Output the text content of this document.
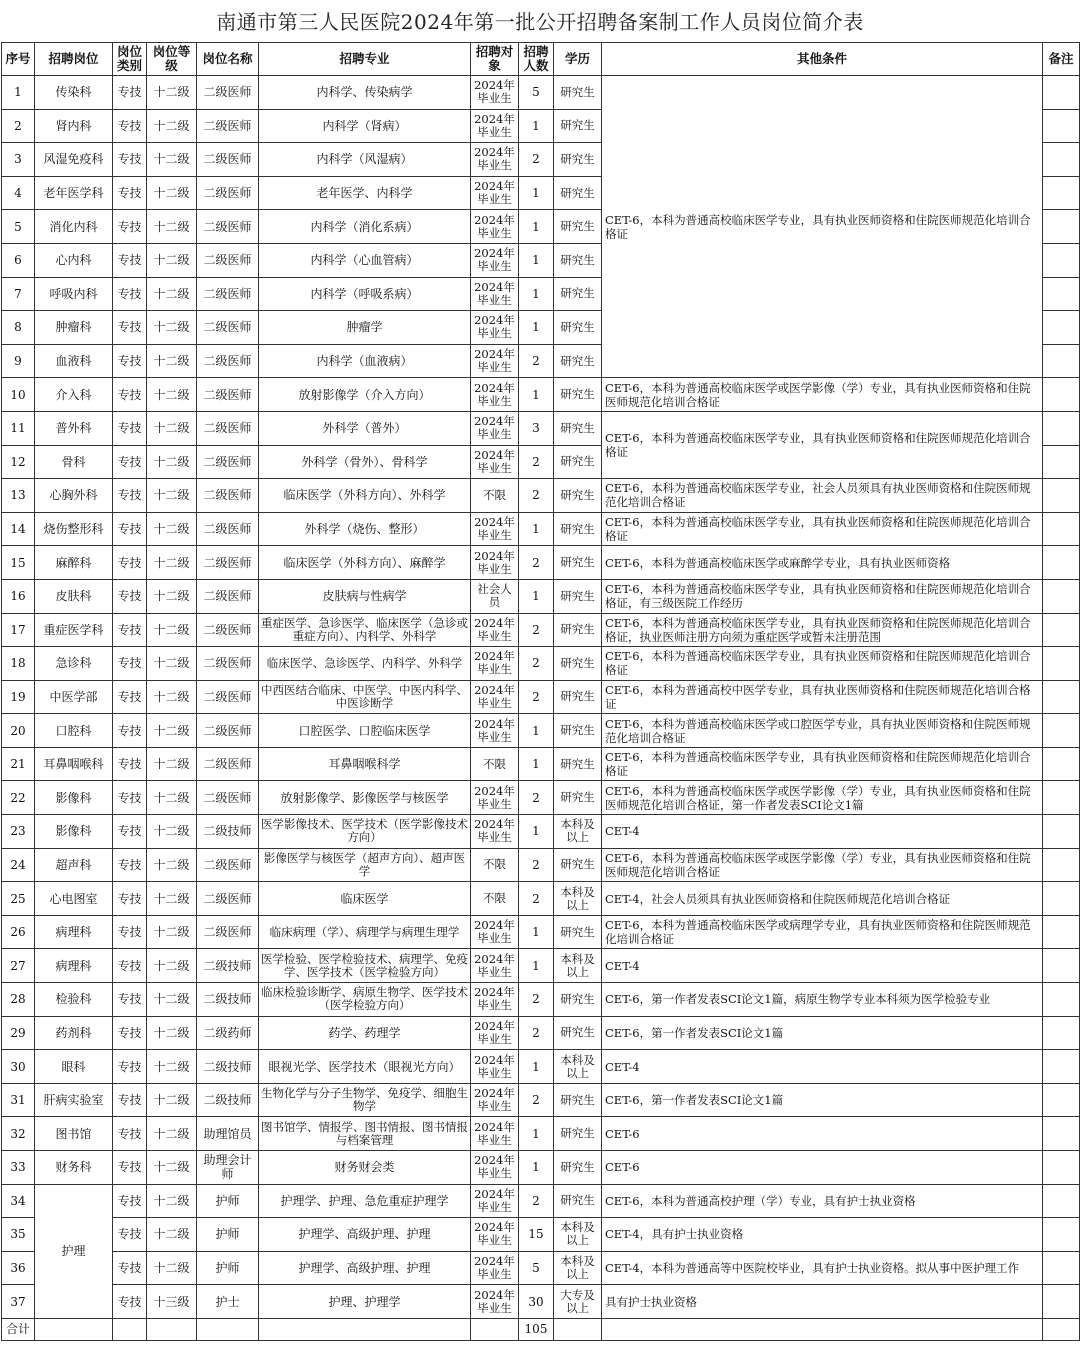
南通市第三人民医院2024年第一批公开招聘备案制工作人员岗位简介表
序号	招聘岗位	岗位类别	岗位等级	岗位名称	招聘专业	招聘对象	招聘人数	学历	其他条件	备注
1	传染科	专技	十二级	二级医师	内科学、传染病学	2024年毕业生	5	研究生	CET-6，本科为普通高校临床医学专业，具有执业医师资格和住院医师规范化培训合格证	
2	肾内科	专技	十二级	二级医师	内科学（肾病）	2024年毕业生	1	研究生		
3	风湿免疫科	专技	十二级	二级医师	内科学（风湿病）	2024年毕业生	2	研究生		
4	老年医学科	专技	十二级	二级医师	老年医学、内科学	2024年毕业生	1	研究生		
5	消化内科	专技	十二级	二级医师	内科学（消化系病）	2024年毕业生	1	研究生		
6	心内科	专技	十二级	二级医师	内科学（心血管病）	2024年毕业生	1	研究生		
7	呼吸内科	专技	十二级	二级医师	内科学（呼吸系病）	2024年毕业生	1	研究生		
8	肿瘤科	专技	十二级	二级医师	肿瘤学	2024年毕业生	1	研究生		
9	血液科	专技	十二级	二级医师	内科学（血液病）	2024年毕业生	2	研究生		
10	介入科	专技	十二级	二级医师	放射影像学（介入方向）	2024年毕业生	1	研究生	CET-6，本科为普通高校临床医学或医学影像（学）专业，具有执业医师资格和住院医师规范化培训合格证	
11	普外科	专技	十二级	二级医师	外科学（普外）	2024年毕业生	3	研究生	CET-6，本科为普通高校临床医学专业，具有执业医师资格和住院医师规范化培训合格证	
12	骨科	专技	十二级	二级医师	外科学（骨外）、骨科学	2024年毕业生	2	研究生		
13	心胸外科	专技	十二级	二级医师	临床医学（外科方向）、外科学	不限	2	研究生	CET-6，本科为普通高校临床医学专业，社会人员须具有执业医师资格和住院医师规范化培训合格证	
14	烧伤整形科	专技	十二级	二级医师	外科学（烧伤、整形）	2024年毕业生	1	研究生	CET-6，本科为普通高校临床医学专业，具有执业医师资格和住院医师规范化培训合格证	
15	麻醉科	专技	十二级	二级医师	临床医学（外科方向）、麻醉学	2024年毕业生	2	研究生	CET-6，本科为普通高校临床医学或麻醉学专业，具有执业医师资格	
16	皮肤科	专技	十二级	二级医师	皮肤病与性病学	社会人员	1	研究生	CET-6，本科为普通高校临床医学专业，具有执业医师资格和住院医师规范化培训合格证，有三级医院工作经历	
17	重症医学科	专技	十二级	二级医师	重症医学、急诊医学、临床医学（急诊或重症方向）、内科学、外科学	2024年毕业生	2	研究生	CET-6，本科为普通高校临床医学专业，具有执业医师资格和住院医师规范化培训合格证，执业医师注册方向须为重症医学或暂未注册范围	
18	急诊科	专技	十二级	二级医师	临床医学、急诊医学、内科学、外科学	2024年毕业生	2	研究生	CET-6，本科为普通高校临床医学专业，具有执业医师资格和住院医师规范化培训合格证	
19	中医学部	专技	十二级	二级医师	中西医结合临床、中医学、中医内科学、中医诊断学	2024年毕业生	2	研究生	CET-6，本科为普通高校中医学专业，具有执业医师资格和住院医师规范化培训合格证	
20	口腔科	专技	十二级	二级医师	口腔医学、口腔临床医学	2024年毕业生	1	研究生	CET-6，本科为普通高校临床医学或口腔医学专业，具有执业医师资格和住院医师规范化培训合格证	
21	耳鼻咽喉科	专技	十二级	二级医师	耳鼻咽喉科学	不限	1	研究生	CET-6，本科为普通高校临床医学专业，具有执业医师资格和住院医师规范化培训合格证	
22	影像科	专技	十二级	二级医师	放射影像学、影像医学与核医学	2024年毕业生	2	研究生	CET-6，本科为普通高校临床医学或医学影像（学）专业，具有执业医师资格和住院医师规范化培训合格证，第一作者发表SCI论文1篇	
23	影像科	专技	十二级	二级技师	医学影像技术、医学技术（医学影像技术方向）	2024年毕业生	1	本科及以上	CET-4	
24	超声科	专技	十二级	二级医师	影像医学与核医学（超声方向）、超声医学	不限	2	研究生	CET-6，本科为普通高校临床医学或医学影像（学）专业，具有执业医师资格和住院医师规范化培训合格证	
25	心电图室	专技	十二级	二级医师	临床医学	不限	2	本科及以上	CET-4，社会人员须具有执业医师资格和住院医师规范化培训合格证	
26	病理科	专技	十二级	二级医师	临床病理（学）、病理学与病理生理学	2024年毕业生	1	研究生	CET-6，本科为普通高校临床医学或病理学专业，具有执业医师资格和住院医师规范化培训合格证	
27	病理科	专技	十二级	二级技师	医学检验、医学检验技术、病理学、免疫学、医学技术（医学检验方向）	2024年毕业生	1	本科及以上	CET-4	
28	检验科	专技	十二级	二级技师	临床检验诊断学、病原生物学、医学技术（医学检验方向）	2024年毕业生	2	研究生	CET-6，第一作者发表SCI论文1篇，病原生物学专业本科须为医学检验专业	
29	药剂科	专技	十二级	二级药师	药学、药理学	2024年毕业生	2	研究生	CET-6，第一作者发表SCI论文1篇	
30	眼科	专技	十二级	二级技师	眼视光学、医学技术（眼视光方向）	2024年毕业生	1	本科及以上	CET-4	
31	肝病实验室	专技	十二级	二级技师	生物化学与分子生物学、免疫学、细胞生物学	2024年毕业生	2	研究生	CET-6，第一作者发表SCI论文1篇	
32	图书馆	专技	十二级	助理馆员	图书馆学、情报学、图书情报、图书情报与档案管理	2024年毕业生	1	研究生	CET-6	
33	财务科	专技	十二级	助理会计师	财务财会类	2024年毕业生	1	研究生	CET-6	
34	护理	专技	十二级	护师	护理学、护理、急危重症护理学	2024年毕业生	2	研究生	CET-6，本科为普通高校护理（学）专业，具有护士执业资格	
35		专技	十二级	护师	护理学、高级护理、护理	2024年毕业生	15	本科及以上	CET-4，具有护士执业资格	
36		专技	十二级	护师	护理学、高级护理、护理	2024年毕业生	5	本科及以上	CET-4，本科为普通高等中医院校毕业，具有护士执业资格。拟从事中医护理工作	
37		专技	十三级	护士	护理、护理学	2024年毕业生	30	大专及以上	具有护士执业资格	
合计							105			
